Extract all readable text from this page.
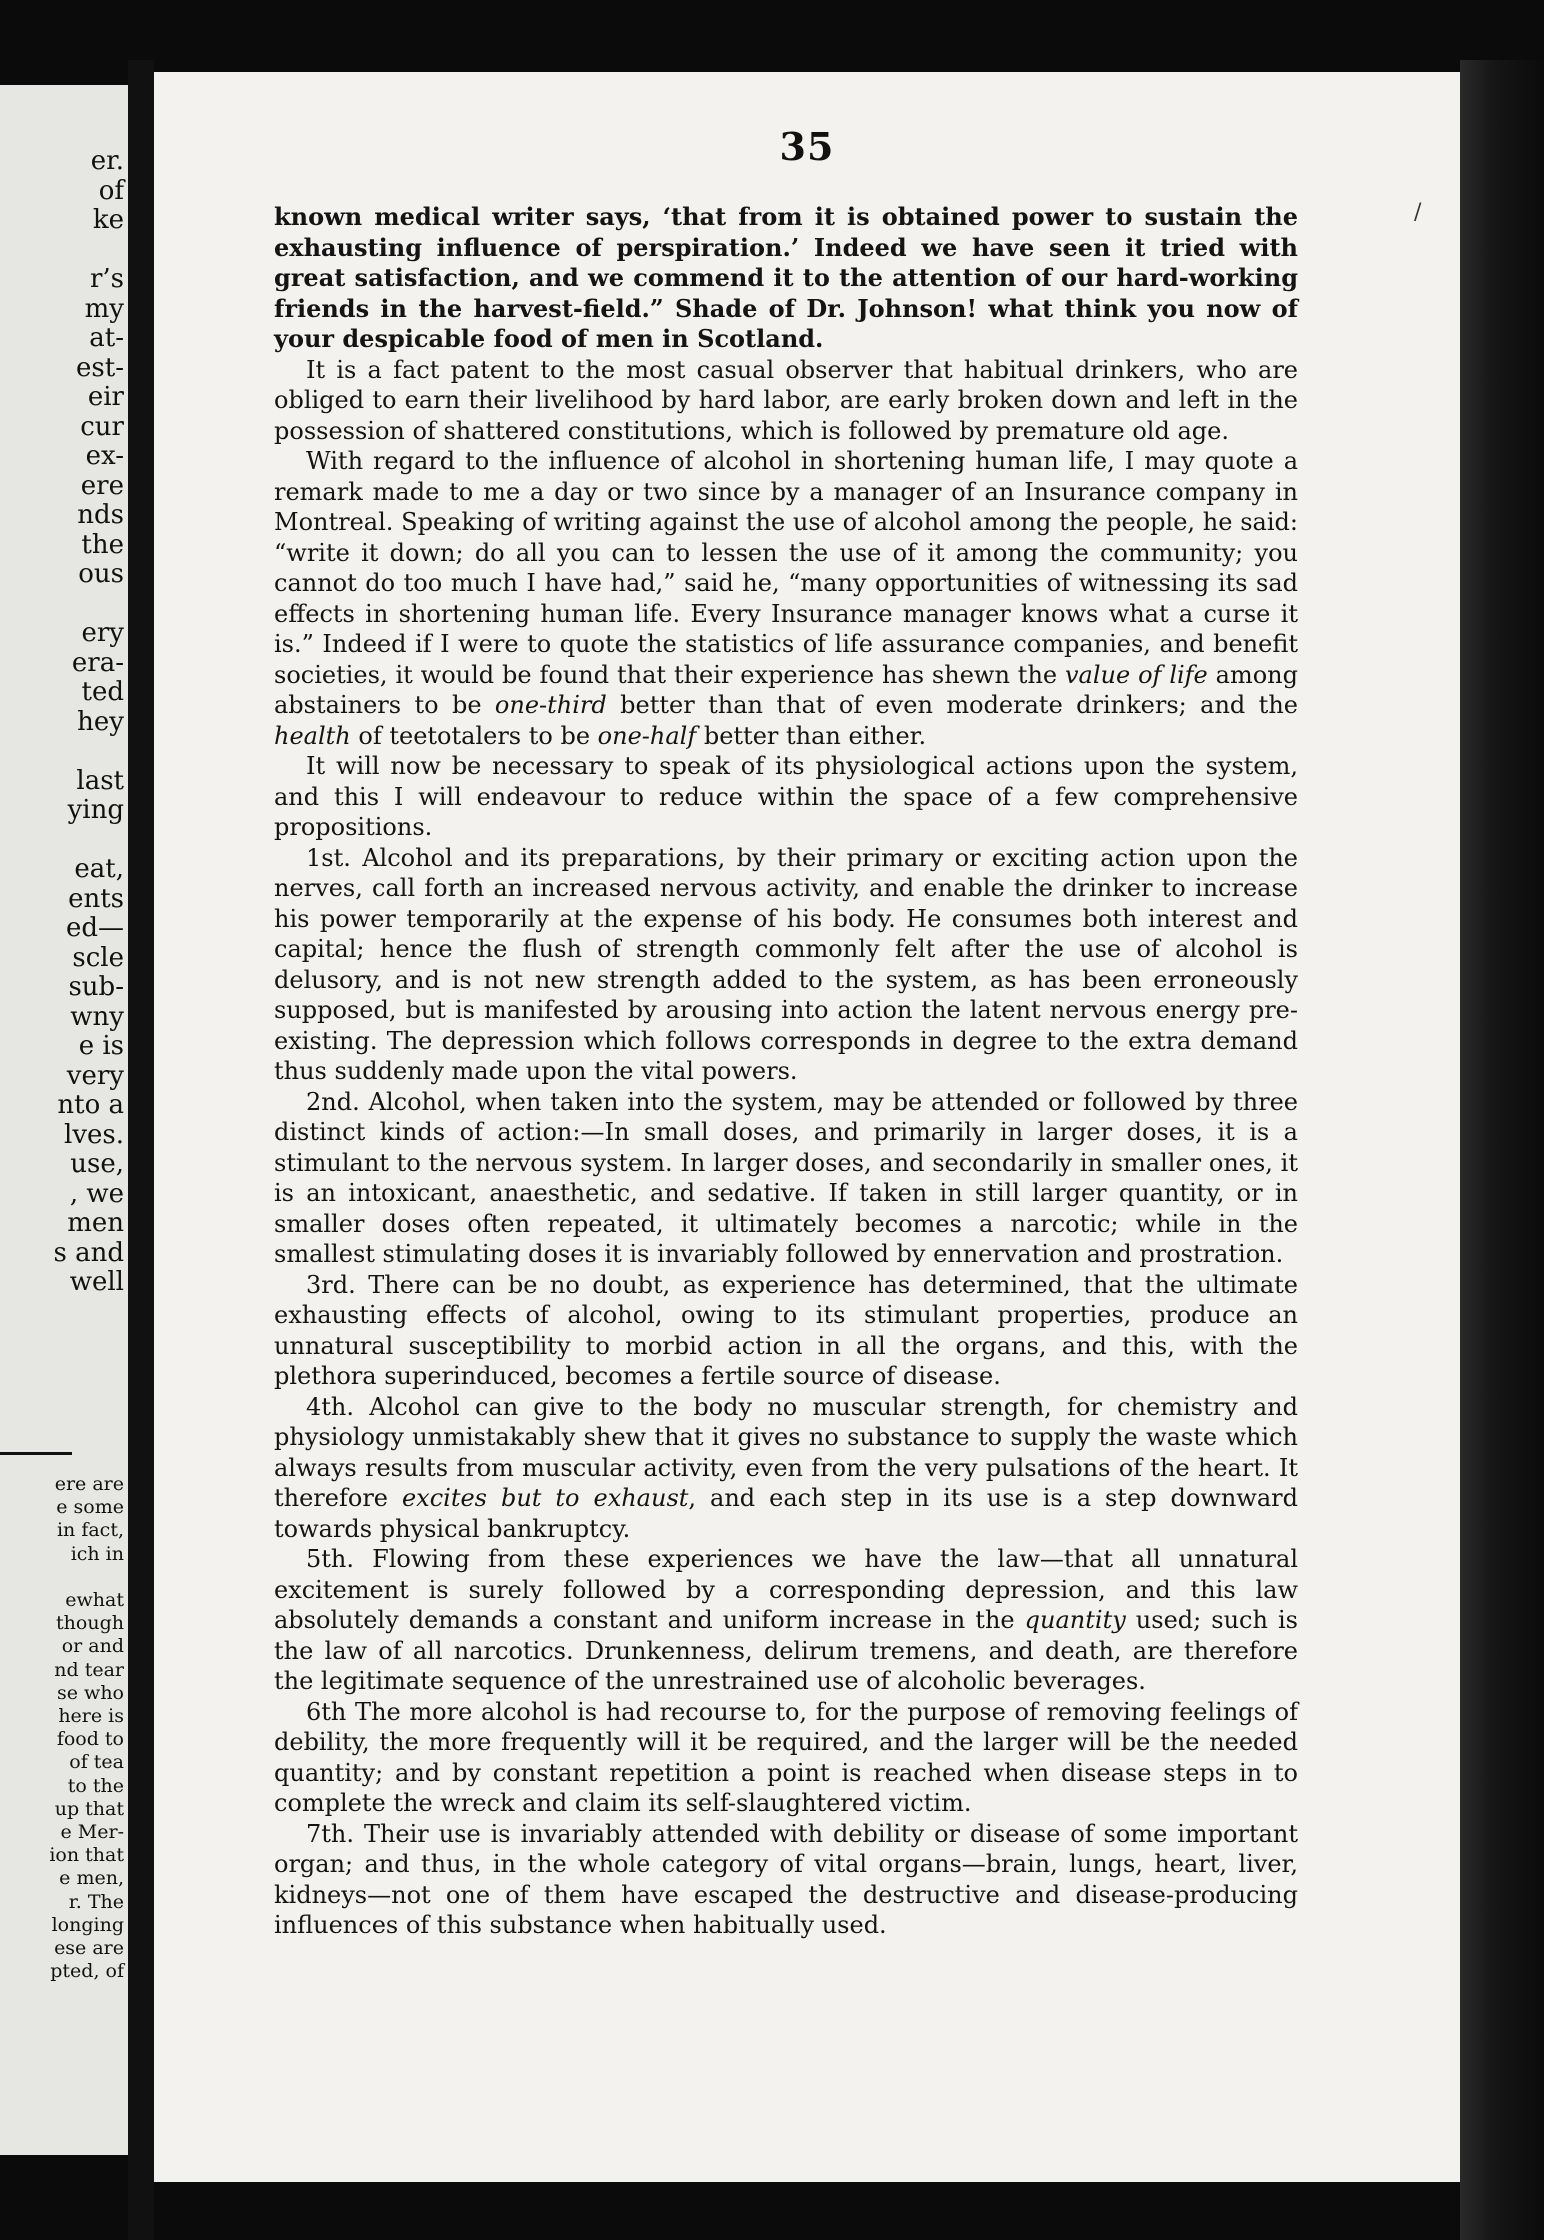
er.
of
ke
r’s
my
at-
est-
eir
cur
ex-
ere
nds
the
ous
ery
era-
ted
hey
last
ying
eat,
ents
ed—
scle
sub-
wny
e is
very
nto a
lves.
use,
, we
men
s and
well
ere are
e some
in fact,
ich in
ewhat
though
or and
nd tear
se who
here is
food to
of tea
to the
up that
e Mer-
ion that
e men,
r. The
longing
ese are
pted, of
35

known medical writer says, ‘that from it is obtained power to sustain the exhausting influence of perspiration.’ Indeed we have seen it tried with great satisfaction, and we commend it to the attention of our hard-working friends in the harvest-field.” Shade of Dr. Johnson! what think you now of your despicable food of men in Scotland.

It is a fact patent to the most casual observer that habitual drinkers, who are obliged to earn their livelihood by hard labor, are early broken down and left in the possession of shattered constitutions, which is followed by premature old age.

With regard to the influence of alcohol in shortening human life, I may quote a remark made to me a day or two since by a manager of an Insurance company in Montreal. Speaking of writing against the use of alcohol among the people, he said: “write it down; do all you can to lessen the use of it among the community; you cannot do too much I have had,” said he, “many opportunities of witnessing its sad effects in shortening human life. Every Insurance manager knows what a curse it is.” Indeed if I were to quote the statistics of life assurance companies, and benefit societies, it would be found that their experience has shewn the value of life among abstainers to be one-third better than that of even moderate drinkers; and the health of teetotalers to be one-half better than either.

It will now be necessary to speak of its physiological actions upon the system, and this I will endeavour to reduce within the space of a few comprehensive propositions.

1st. Alcohol and its preparations, by their primary or exciting action upon the nerves, call forth an increased nervous activity, and enable the drinker to increase his power temporarily at the expense of his body. He consumes both interest and capital; hence the flush of strength commonly felt after the use of alcohol is delusory, and is not new strength added to the system, as has been erroneously supposed, but is manifested by arousing into action the latent nervous energy pre-existing. The depression which follows corresponds in degree to the extra demand thus suddenly made upon the vital powers.

2nd. Alcohol, when taken into the system, may be attended or followed by three distinct kinds of action:—In small doses, and primarily in larger doses, it is a stimulant to the nervous system. In larger doses, and secondarily in smaller ones, it is an intoxicant, anaesthetic, and sedative. If taken in still larger quantity, or in smaller doses often repeated, it ultimately becomes a narcotic; while in the smallest stimulating doses it is invariably followed by ennervation and prostration.

3rd. There can be no doubt, as experience has determined, that the ultimate exhausting effects of alcohol, owing to its stimulant properties, produce an unnatural susceptibility to morbid action in all the organs, and this, with the plethora superinduced, becomes a fertile source of disease.

4th. Alcohol can give to the body no muscular strength, for chemistry and physiology unmistakably shew that it gives no substance to supply the waste which always results from muscular activity, even from the very pulsations of the heart. It therefore excites but to exhaust, and each step in its use is a step downward towards physical bankruptcy.

5th. Flowing from these experiences we have the law—that all unnatural excitement is surely followed by a corresponding depression, and this law absolutely demands a constant and uniform increase in the quantity used; such is the law of all narcotics. Drunkenness, delirum tremens, and death, are therefore the legitimate sequence of the unrestrained use of alcoholic beverages.

6th The more alcohol is had recourse to, for the purpose of removing feelings of debility, the more frequently will it be required, and the larger will be the needed quantity; and by constant repetition a point is reached when disease steps in to complete the wreck and claim its self-slaughtered victim.

7th. Their use is invariably attended with debility or disease of some important organ; and thus, in the whole category of vital organs—brain, lungs, heart, liver, kidneys—not one of them have escaped the destructive and disease-producing influences of this substance when habitually used.

/
